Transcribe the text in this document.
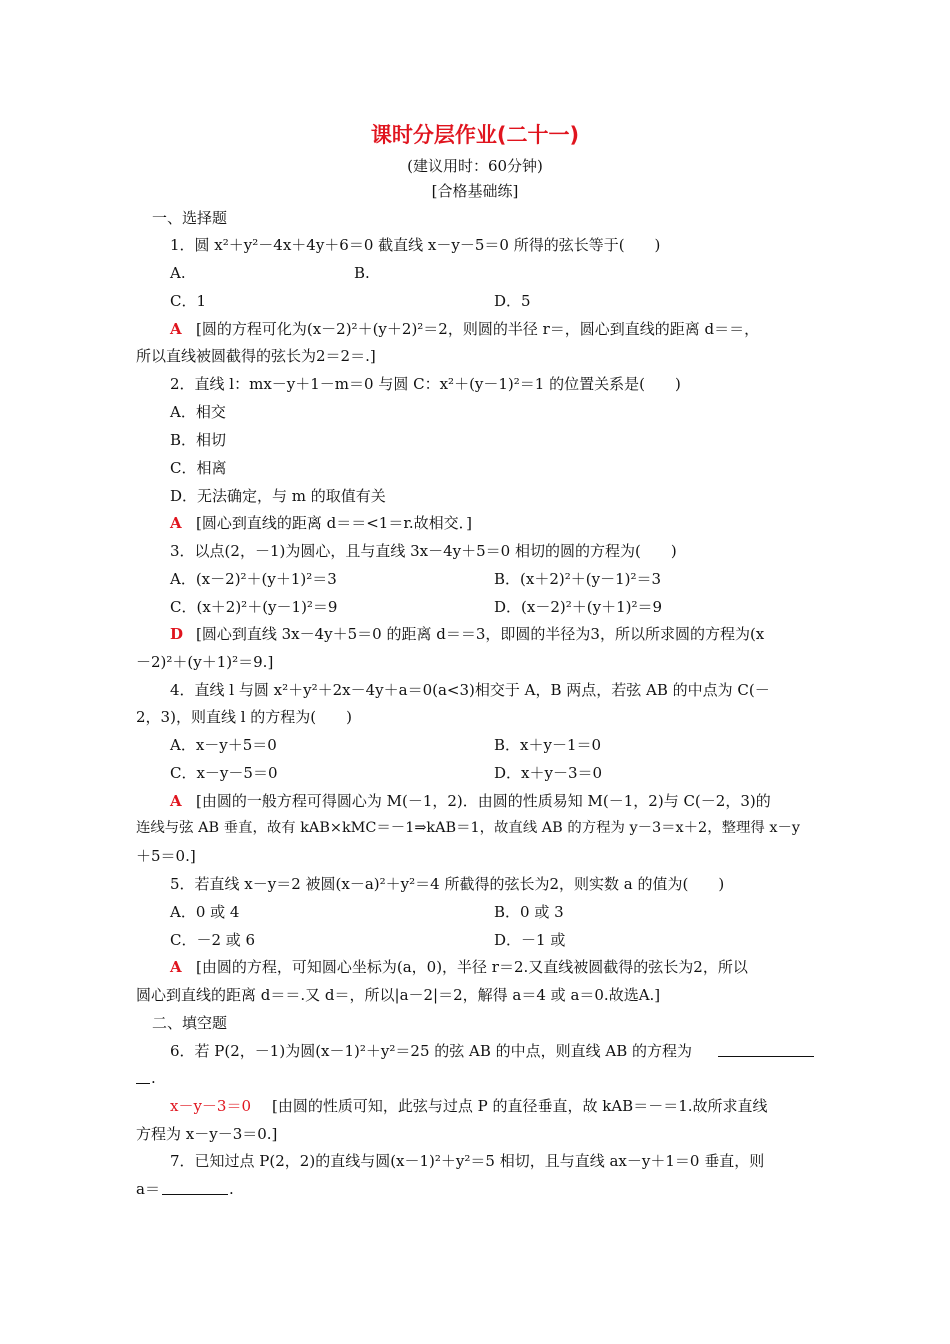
课时分层作业(二十一)
(建议用时：60分钟)
[合格基础练]
一、选择题
1．圆 x²＋y²－4x＋4y＋6＝0 截直线 x－y－5＝0 所得的弦长等于(　　)
A.	B.
C．1	D．5
A [圆的方程可化为(x－2)²＋(y＋2)²＝2，则圆的半径 r＝，圆心到直线的距离 d＝＝，
所以直线被圆截得的弦长为2＝2＝.]
2．直线 l：mx－y＋1－m＝0 与圆 C：x²＋(y－1)²＝1 的位置关系是(　　)
A．相交
B．相切
C．相离
D．无法确定，与 m 的取值有关
A [圆心到直线的距离 d＝＝<1＝r.故相交．]
3．以点(2，－1)为圆心，且与直线 3x－4y＋5＝0 相切的圆的方程为(　　)
A．(x－2)²＋(y＋1)²＝3	B．(x＋2)²＋(y－1)²＝3
C．(x＋2)²＋(y－1)²＝9	D．(x－2)²＋(y＋1)²＝9
D [圆心到直线 3x－4y＋5＝0 的距离 d＝＝3，即圆的半径为3，所以所求圆的方程为(x
－2)²＋(y＋1)²＝9.]
4．直线 l 与圆 x²＋y²＋2x－4y＋a＝0(a<3)相交于 A，B 两点，若弦 AB 的中点为 C(－
2，3)，则直线 l 的方程为(　　)
A．x－y＋5＝0	B．x＋y－1＝0
C．x－y－5＝0	D．x＋y－3＝0
A [由圆的一般方程可得圆心为 M(－1，2)．由圆的性质易知 M(－1，2)与 C(－2，3)的
连线与弦 AB 垂直，故有 kAB×kMC＝－1⇒kAB＝1，故直线 AB 的方程为 y－3＝x＋2，整理得 x－y
＋5＝0.]
5．若直线 x－y＝2 被圆(x－a)²＋y²＝4 所截得的弦长为2，则实数 a 的值为(　　)
A．0 或 4	B．0 或 3
C．－2 或 6	D．－1 或
A [由圆的方程，可知圆心坐标为(a，0)，半径 r＝2.又直线被圆截得的弦长为2，所以
圆心到直线的距离 d＝＝.又 d＝，所以|a－2|＝2，解得 a＝4 或 a＝0.故选A.]
二、填空题
6．若 P(2，－1)为圆(x－1)²＋y²＝25 的弦 AB 的中点，则直线 AB 的方程为
.
x－y－3＝0 [由圆的性质可知，此弦与过点 P 的直径垂直，故 kAB＝－＝1.故所求直线
方程为 x－y－3＝0.]
7．已知过点 P(2，2)的直线与圆(x－1)²＋y²＝5 相切，且与直线 ax－y＋1＝0 垂直，则
a＝	.
